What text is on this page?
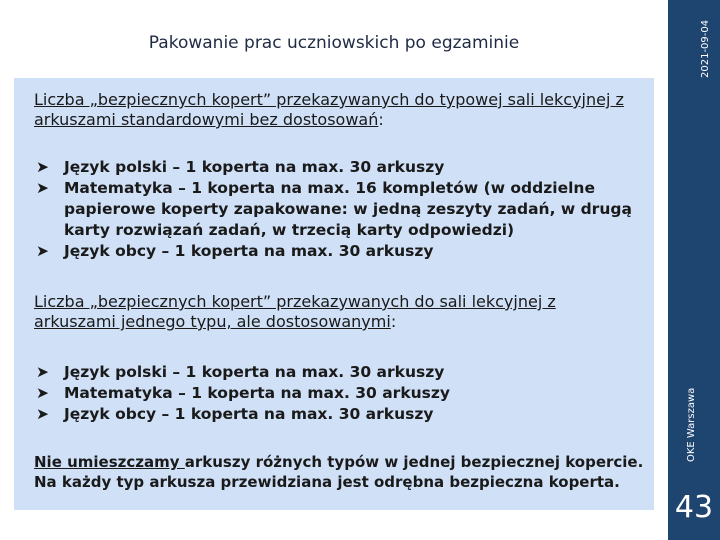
Pakowanie prac uczniowskich po egzaminie	2021-09-04
OKE Warszawa
43
Liczba „bezpiecznych kopert” przekazywanych do typowej sali lekcyjnej z arkuszami standardowymi bez dostosowań:
➤ Język polski – 1 koperta na max. 30 arkuszy
➤ Matematyka – 1 koperta na max. 16 kompletów (w oddzielne papierowe koperty zapakowane: w jedną zeszyty zadań, w drugą karty rozwiązań zadań, w trzecią karty odpowiedzi)
➤ Język obcy – 1 koperta na max. 30 arkuszy
Liczba „bezpiecznych kopert” przekazywanych do sali lekcyjnej z arkuszami jednego typu, ale dostosowanymi:
➤ Język polski – 1 koperta na max. 30 arkuszy
➤ Matematyka – 1 koperta na max. 30 arkuszy
➤ Język obcy – 1 koperta na max. 30 arkuszy
Nie umieszczamy arkuszy różnych typów w jednej bezpiecznej kopercie. Na każdy typ arkusza przewidziana jest odrębna bezpieczna koperta.
